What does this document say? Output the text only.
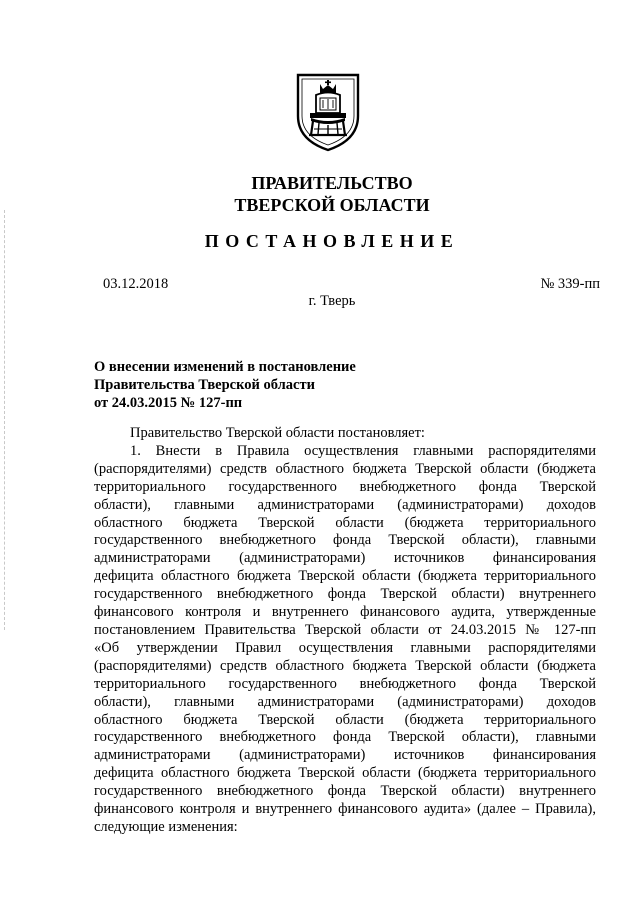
ПРАВИТЕЛЬСТВО
ТВЕРСКОЙ ОБЛАСТИ
ПОСТАНОВЛЕНИЕ
03.12.2018	№ 339-пп
г. Тверь
О внесении изменений в постановление
Правительства Тверской области
от 24.03.2015 № 127-пп
Правительство Тверской области постановляет:
1. Внести в Правила осуществления главными распорядителями
(распорядителями) средств областного бюджета Тверской области (бюджета
территориального государственного внебюджетного фонда Тверской
области), главными администраторами (администраторами) доходов
областного бюджета Тверской области (бюджета территориального
государственного внебюджетного фонда Тверской области), главными
администраторами (администраторами) источников финансирования
дефицита областного бюджета Тверской области (бюджета территориального
государственного внебюджетного фонда Тверской области) внутреннего
финансового контроля и внутреннего финансового аудита, утвержденные
постановлением Правительства Тверской области от 24.03.2015 № 127-пп
«Об утверждении Правил осуществления главными распорядителями
(распорядителями) средств областного бюджета Тверской области (бюджета
территориального государственного внебюджетного фонда Тверской
области), главными администраторами (администраторами) доходов
областного бюджета Тверской области (бюджета территориального
государственного внебюджетного фонда Тверской области), главными
администраторами (администраторами) источников финансирования
дефицита областного бюджета Тверской области (бюджета территориального
государственного внебюджетного фонда Тверской области) внутреннего
финансового контроля и внутреннего финансового аудита» (далее – Правила),
следующие изменения:
